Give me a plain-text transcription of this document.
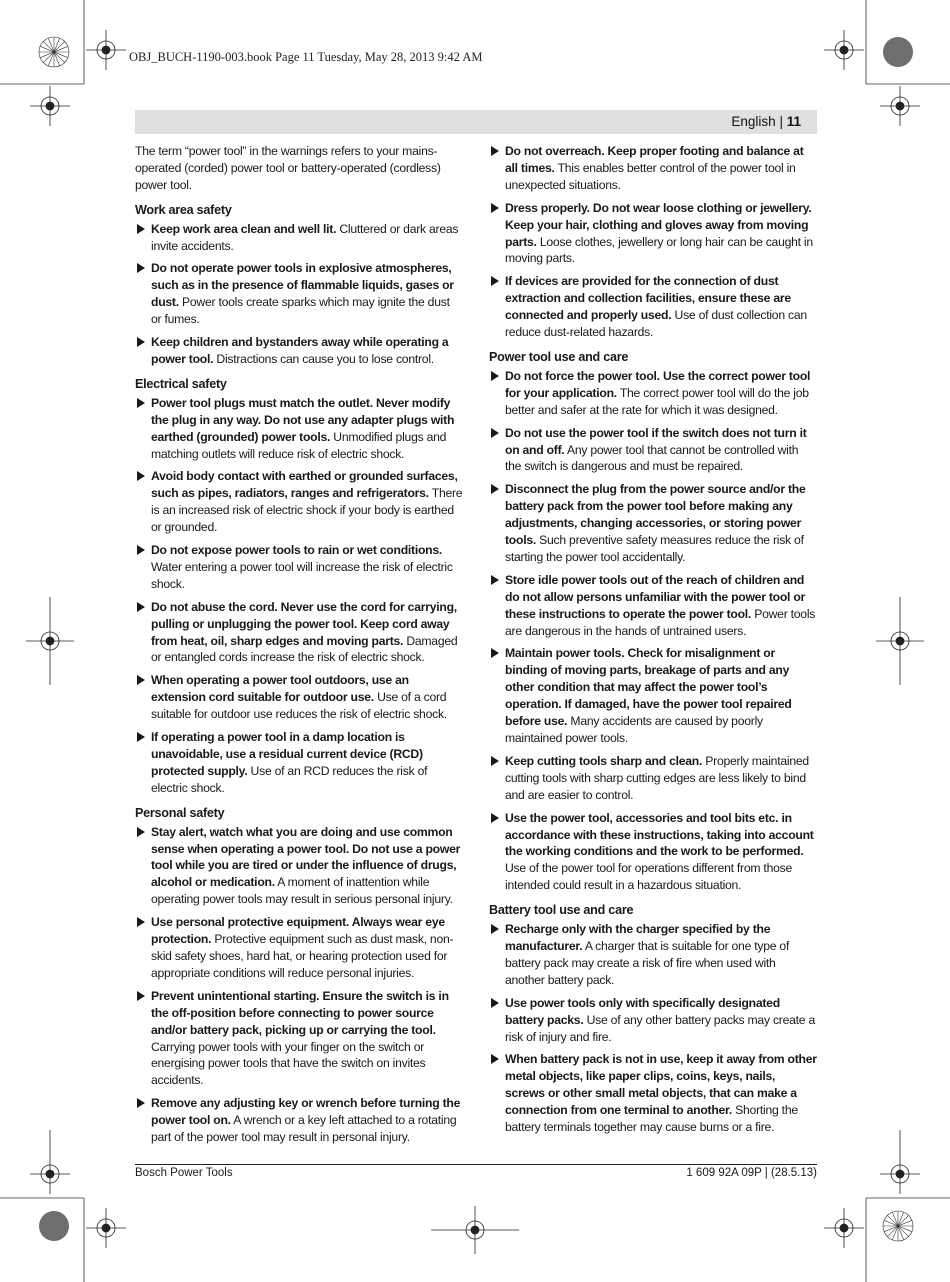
OBJ_BUCH-1190-003.book Page 11 Tuesday, May 28, 2013 9:42 AM
English | 11

The term “power tool” in the warnings refers to your mains-operated (corded) power tool or battery-operated (cordless) power tool.

Work area safety
Keep work area clean and well lit. Cluttered or dark areas invite accidents.
Do not operate power tools in explosive atmospheres, such as in the presence of flammable liquids, gases or dust. Power tools create sparks which may ignite the dust or fumes.
Keep children and bystanders away while operating a power tool. Distractions can cause you to lose control.
Electrical safety
Power tool plugs must match the outlet. Never modify the plug in any way. Do not use any adapter plugs with earthed (grounded) power tools. Unmodified plugs and matching outlets will reduce risk of electric shock.
Avoid body contact with earthed or grounded surfaces, such as pipes, radiators, ranges and refrigerators. There is an increased risk of electric shock if your body is earthed or grounded.
Do not expose power tools to rain or wet conditions. Water entering a power tool will increase the risk of electric shock.
Do not abuse the cord. Never use the cord for carrying, pulling or unplugging the power tool. Keep cord away from heat, oil, sharp edges and moving parts. Damaged or entangled cords increase the risk of electric shock.
When operating a power tool outdoors, use an extension cord suitable for outdoor use. Use of a cord suitable for outdoor use reduces the risk of electric shock.
If operating a power tool in a damp location is unavoidable, use a residual current device (RCD) protected supply. Use of an RCD reduces the risk of electric shock.
Personal safety
Stay alert, watch what you are doing and use common sense when operating a power tool. Do not use a power tool while you are tired or under the influence of drugs, alcohol or medication. A moment of inattention while operating power tools may result in serious personal injury.
Use personal protective equipment. Always wear eye protection. Protective equipment such as dust mask, non-skid safety shoes, hard hat, or hearing protection used for appropriate conditions will reduce personal injuries.
Prevent unintentional starting. Ensure the switch is in the off-position before connecting to power source and/or battery pack, picking up or carrying the tool. Carrying power tools with your finger on the switch or energising power tools that have the switch on invites accidents.
Remove any adjusting key or wrench before turning the power tool on. A wrench or a key left attached to a rotating part of the power tool may result in personal injury.
Do not overreach. Keep proper footing and balance at all times. This enables better control of the power tool in unexpected situations.
Dress properly. Do not wear loose clothing or jewellery. Keep your hair, clothing and gloves away from moving parts. Loose clothes, jewellery or long hair can be caught in moving parts.
If devices are provided for the connection of dust extraction and collection facilities, ensure these are connected and properly used. Use of dust collection can reduce dust-related hazards.
Power tool use and care
Do not force the power tool. Use the correct power tool for your application. The correct power tool will do the job better and safer at the rate for which it was designed.
Do not use the power tool if the switch does not turn it on and off. Any power tool that cannot be controlled with the switch is dangerous and must be repaired.
Disconnect the plug from the power source and/or the battery pack from the power tool before making any adjustments, changing accessories, or storing power tools. Such preventive safety measures reduce the risk of starting the power tool accidentally.
Store idle power tools out of the reach of children and do not allow persons unfamiliar with the power tool or these instructions to operate the power tool. Power tools are dangerous in the hands of untrained users.
Maintain power tools. Check for misalignment or binding of moving parts, breakage of parts and any other condition that may affect the power tool’s operation. If damaged, have the power tool repaired before use. Many accidents are caused by poorly maintained power tools.
Keep cutting tools sharp and clean. Properly maintained cutting tools with sharp cutting edges are less likely to bind and are easier to control.
Use the power tool, accessories and tool bits etc. in accordance with these instructions, taking into account the working conditions and the work to be performed. Use of the power tool for operations different from those intended could result in a hazardous situation.
Battery tool use and care
Recharge only with the charger specified by the manufacturer. A charger that is suitable for one type of battery pack may create a risk of fire when used with another battery pack.
Use power tools only with specifically designated battery packs. Use of any other battery packs may create a risk of injury and fire.
When battery pack is not in use, keep it away from other metal objects, like paper clips, coins, keys, nails, screws or other small metal objects, that can make a connection from one terminal to another. Shorting the battery terminals together may cause burns or a fire.
Bosch Power Tools	1 609 92A 09P | (28.5.13)
